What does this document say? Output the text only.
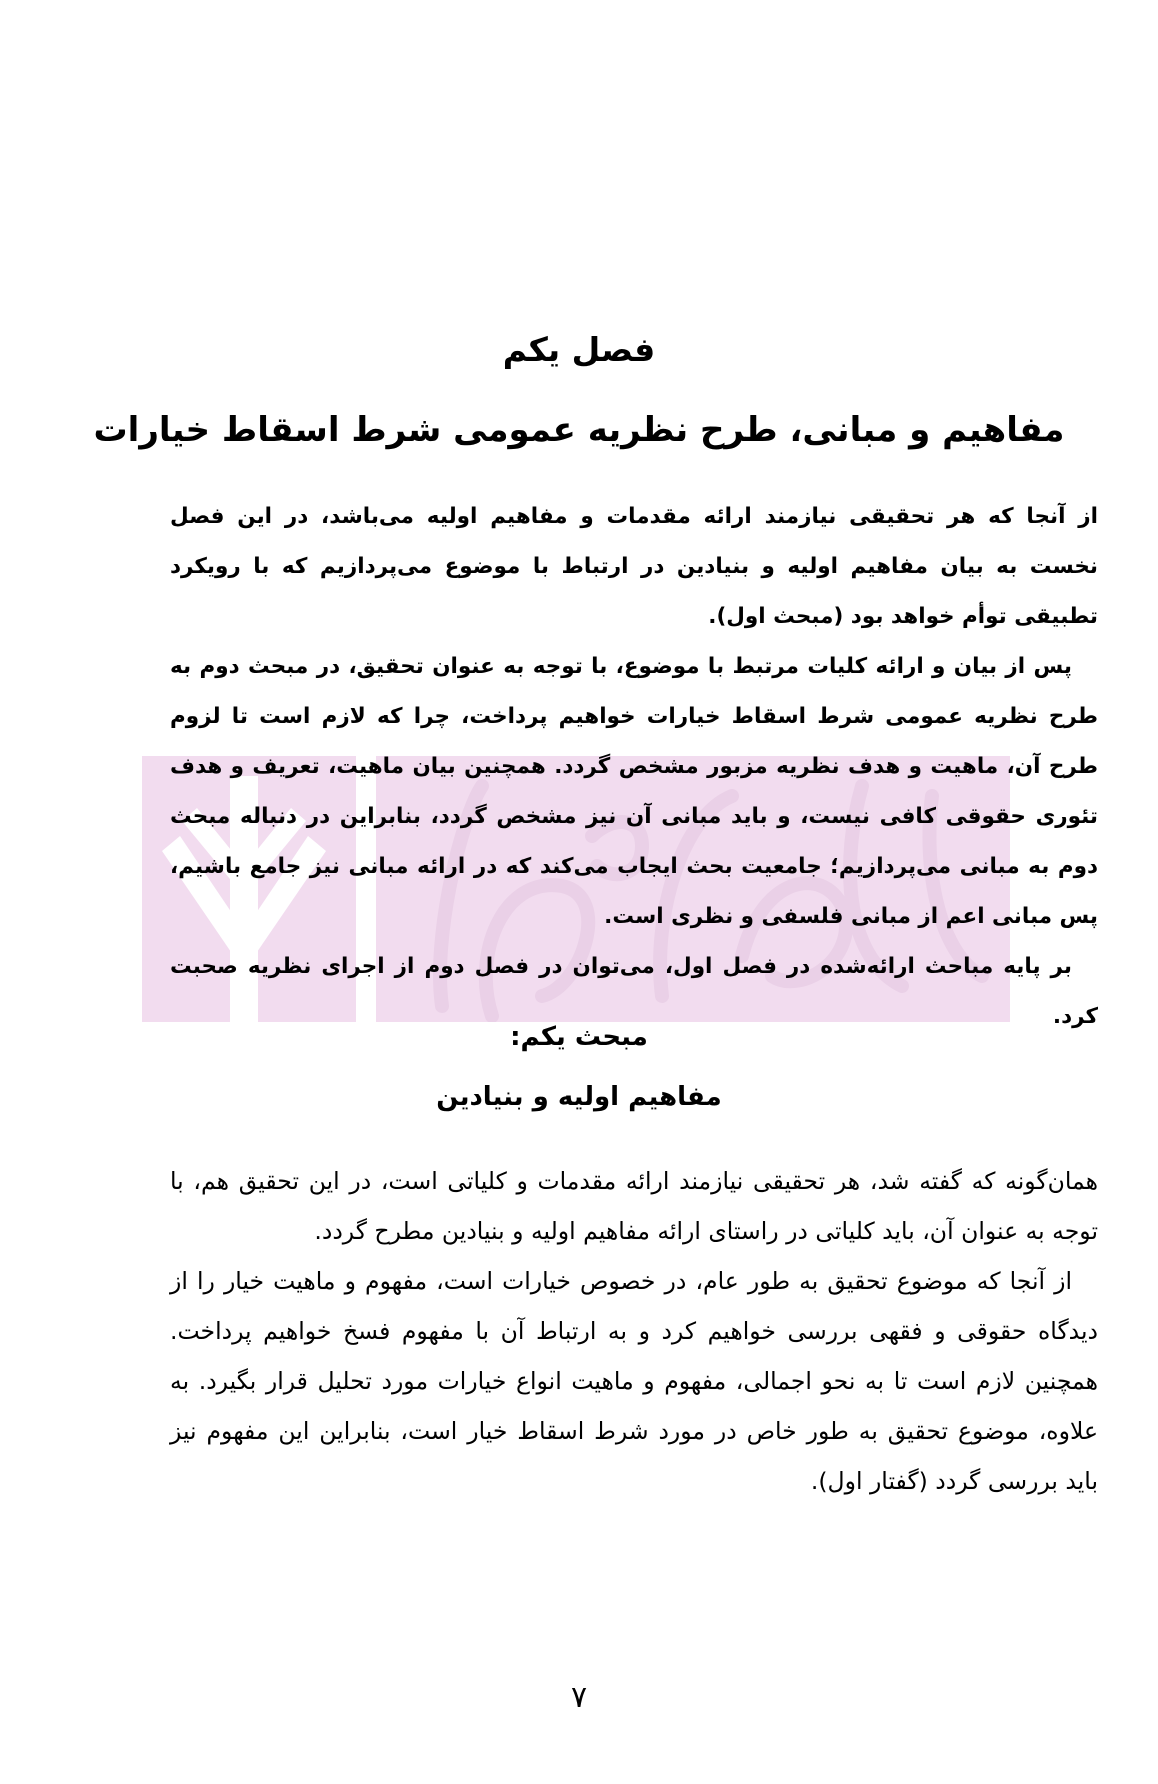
فصل یکم
مفاهیم و مبانی، طرح نظریه عمومی شرط اسقاط خیارات

از آنجا که هر تحقیقی نیازمند ارائه مقدمات و مفاهیم اولیه می‌باشد، در این فصل نخست به بیان مفاهیم اولیه و بنیادین در ارتباط با موضوع می‌پردازیم که با رویکرد تطبیقی توأم خواهد بود (مبحث اول).

پس از بیان و ارائه کلیات مرتبط با موضوع، با توجه به عنوان تحقیق، در مبحث دوم به طرح نظریه عمومی شرط اسقاط خیارات خواهیم پرداخت، چرا که لازم است تا لزوم طرح آن، ماهیت و هدف نظریه مزبور مشخص گردد. همچنین بیان ماهیت، تعریف و هدف تئوری حقوقی کافی نیست، و باید مبانی آن نیز مشخص گردد، بنابراین در دنباله مبحث دوم به مبانی می‌پردازیم؛ جامعیت بحث ایجاب می‌کند که در ارائه مبانی نیز جامع باشیم، پس مبانی اعم از مبانی فلسفی و نظری است.

بر پایه مباحث ارائه‌شده در فصل اول، می‌توان در فصل دوم از اجرای نظریه صحبت کرد.

مبحث یکم:
مفاهیم اولیه و بنیادین

همان‌گونه که گفته شد، هر تحقیقی نیازمند ارائه مقدمات و کلیاتی است، در این تحقیق هم، با توجه به عنوان آن، باید کلیاتی در راستای ارائه مفاهیم اولیه و بنیادین مطرح گردد.

از آنجا که موضوع تحقیق به طور عام، در خصوص خیارات است، مفهوم و ماهیت خیار را از دیدگاه حقوقی و فقهی بررسی خواهیم کرد و به ارتباط آن با مفهوم فسخ خواهیم پرداخت. همچنین لازم است تا به نحو اجمالی، مفهوم و ماهیت انواع خیارات مورد تحلیل قرار بگیرد. به علاوه، موضوع تحقیق به طور خاص در مورد شرط اسقاط خیار است، بنابراین این مفهوم نیز باید بررسی گردد (گفتار اول).

۷
